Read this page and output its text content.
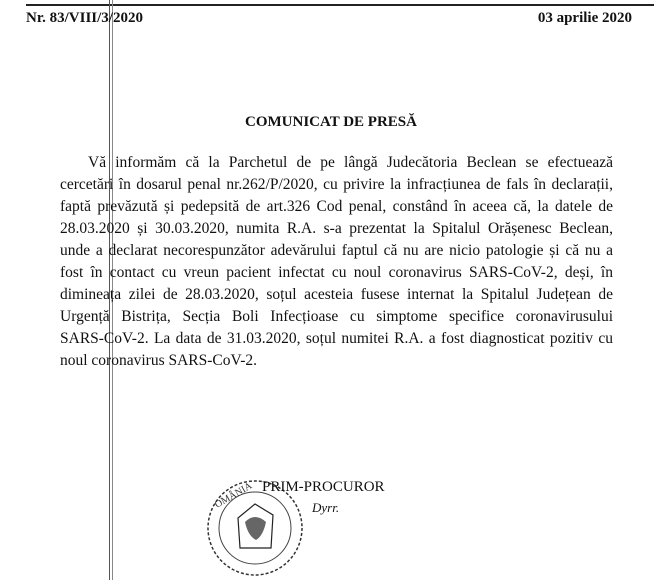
Nr. 83/VIII/3/2020	03 aprilie 2020
COMUNICAT DE PRESĂ
Vă informăm că la Parchetul de pe lângă Judecătoria Beclean se efectuează
cercetări în dosarul penal nr.262/P/2020, cu privire la infracțiunea de fals în declarații,
faptă prevăzută și pedepsită de art.326 Cod penal, constând în aceea că, la datele de
28.03.2020 și 30.03.2020, numita R.A. s-a prezentat la Spitalul Orășenesc Beclean,
unde a declarat necorespunzător adevărului faptul că nu are nicio patologie și că nu a
fost în contact cu vreun pacient infectat cu noul coronavirus SARS-CoV-2, deși, în
dimineața zilei de 28.03.2020, soțul acesteia fusese internat la Spitalul Județean de
Urgență Bistrița, Secția Boli Infecțioase cu simptome specifice coronavirusului
SARS-CoV-2. La data de 31.03.2020, soțul numitei R.A. a fost diagnosticat pozitiv cu
noul coronavirus SARS-CoV-2.
OMÂNIA PRIM-PROCUROR
Dyrr.
